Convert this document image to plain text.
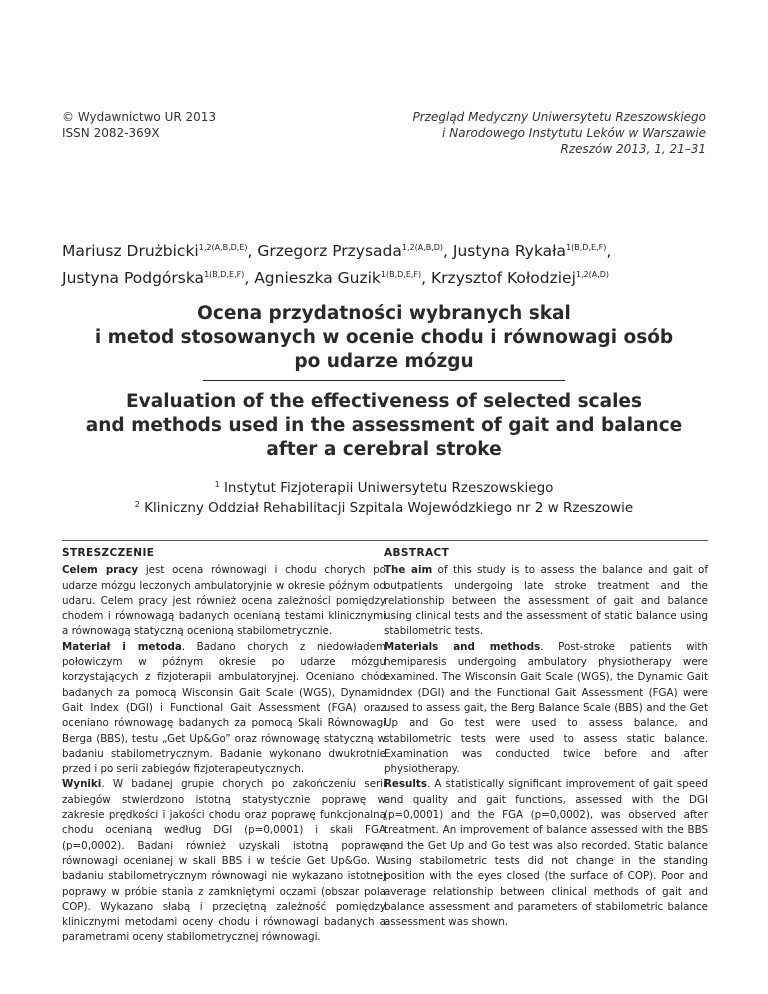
© Wydawnictwo UR 2013
ISSN 2082-369X
Przegląd Medyczny Uniwersytetu Rzeszowskiego
i Narodowego Instytutu Leków w Warszawie
Rzeszów 2013, 1, 21–31
Mariusz Drużbicki$^{1,2(A,B,D,E)}$, Grzegorz Przysada$^{1,2(A,B,D)}$, Justyna Rykała$^{1(B,D,E,F)}$,
Justyna Podgórska$^{1(B,D,E,F)}$, Agnieszka Guzik$^{1(B,D,E,F)}$, Krzysztof Kołodziej$^{1,2(A,D)}$
Ocena przydatności wybranych skal
i metod stosowanych w ocenie chodu i równowagi osób
po udarze mózgu
Evaluation of the effectiveness of selected scales
and methods used in the assessment of gait and balance
after a cerebral stroke
$^1$ Instytut Fizjoterapii Uniwersytetu Rzeszowskiego
$^2$ Kliniczny Oddział Rehabilitacji Szpitala Wojewódzkiego nr 2 w Rzeszowie
STRESZCZENIE

Celem pracy jest ocena równowagi i chodu chorych po udarze mózgu leczonych ambulatoryjnie w okresie późnym od udaru. Celem pracy jest również ocena zależności pomiędzy chodem i równowagą badanych ocenianą testami klinicznymi a równowagą statyczną ocenioną stabilometrycznie.

Materiał i metoda. Badano chorych z niedowładem połowiczym w późnym okresie po udarze mózgu korzystających z fizjoterapii ambulatoryjnej. Oceniano chód badanych za pomocą Wisconsin Gait Scale (WGS), Dynamic Gait Index (DGI) i Functional Gait Assessment (FGA) oraz oceniano równowagę badanych za pomocą Skali Równowagi Berga (BBS), testu „Get Up&Go” oraz równowagę statyczną w badaniu stabilometrycznym. Badanie wykonano dwukrotnie przed i po serii zabiegów fizjoterapeutycznych.

Wyniki. W badanej grupie chorych po zakończeniu serii zabiegów stwierdzono istotną statystycznie poprawę w zakresie prędkości i jakości chodu oraz poprawę funkcjonalną chodu ocenianą według DGI (p=0,0001) i skali FGA (p=0,0002). Badani również uzyskali istotną poprawę równowagi ocenianej w skali BBS i w teście Get Up&Go. W badaniu stabilometrycznym równowagi nie wykazano istotnej poprawy w próbie stania z zamkniętymi oczami (obszar pola COP). Wykazano słabą i przeciętną zależność pomiędzy klinicznymi metodami oceny chodu i równowagi badanych a parametrami oceny stabilometrycznej równowagi.

ABSTRACT

The aim of this study is to assess the balance and gait of outpatients undergoing late stroke treatment and the relationship between the assessment of gait and balance using clinical tests and the assessment of static balance using stabilometric tests.

Materials and methods. Post-stroke patients with hemiparesis undergoing ambulatory physiotherapy were examined. The Wisconsin Gait Scale (WGS), the Dynamic Gait Index (DGI) and the Functional Gait Assessment (FGA) were used to assess gait, the Berg Balance Scale (BBS) and the Get Up and Go test were used to assess balance, and stabilometric tests were used to assess static balance. Examination was conducted twice before and after physiotherapy.

Results. A statistically significant improvement of gait speed and quality and gait functions, assessed with the DGI (p=0,0001) and the FGA (p=0,0002), was observed after treatment. An improvement of balance assessed with the BBS and the Get Up and Go test was also recorded. Static balance using stabilometric tests did not change in the standing position with the eyes closed (the surface of COP). Poor and average relationship between clinical methods of gait and balance assessment and parameters of stabilometric balance assessment was shown.
